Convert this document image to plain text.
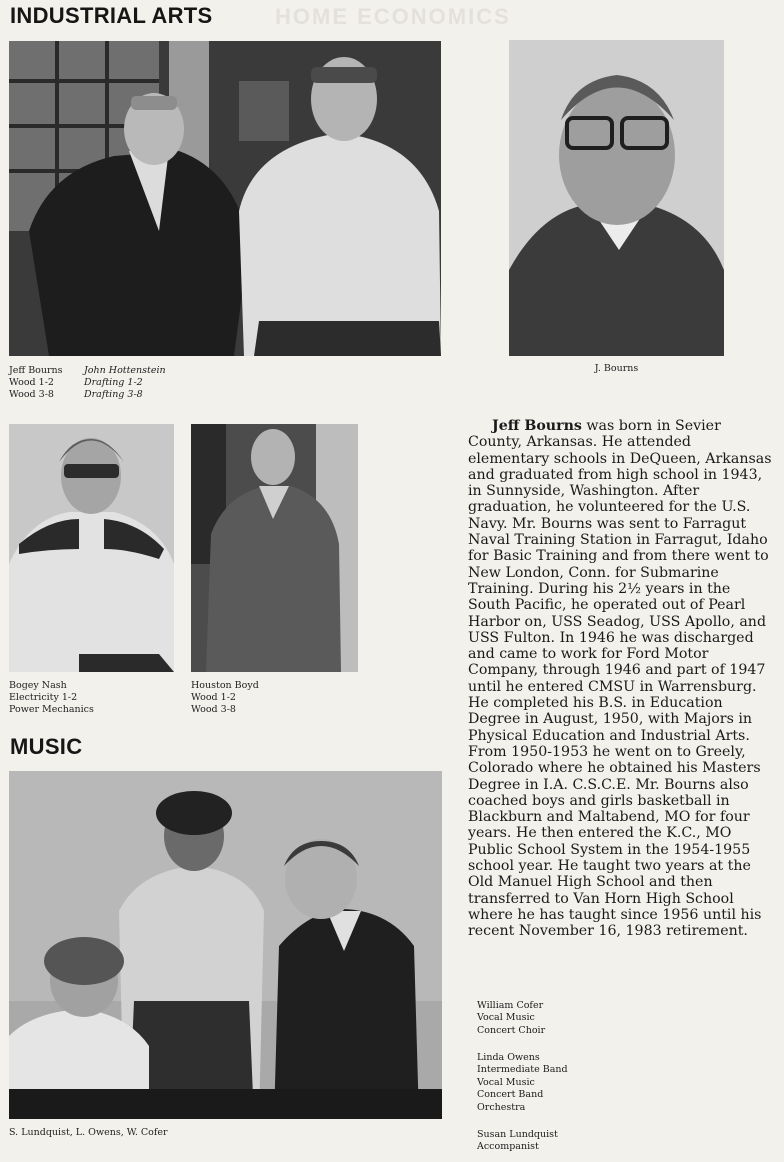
HOME ECONOMICS
INDUSTRIAL ARTS
Jeff Bourns
Wood 1-2
Wood 3-8
John Hottenstein
Drafting 1-2
Drafting 3-8
J. Bourns
Bogey Nash
Electricity 1-2
Power Mechanics
Houston Boyd
Wood 1-2
Wood 3-8
MUSIC
S. Lundquist, L. Owens, W. Cofer

Jeff Bourns was born in Sevier County, Arkansas. He attended elementary schools in DeQueen, Arkansas and graduated from high school in 1943, in Sunnyside, Washington. After graduation, he volunteered for the U.S. Navy. Mr. Bourns was sent to Farragut Naval Training Station in Farragut, Idaho for Basic Training and from there went to New London, Conn. for Submarine Training. During his 2½ years in the South Pacific, he operated out of Pearl Harbor on, USS Seadog, USS Apollo, and USS Fulton. In 1946 he was discharged and came to work for Ford Motor Company, through 1946 and part of 1947 until he entered CMSU in Warrensburg. He completed his B.S. in Education Degree in August, 1950, with Majors in Physical Education and Industrial Arts. From 1950-1953 he went on to Greely, Colorado where he obtained his Masters Degree in I.A. C.S.C.E. Mr. Bourns also coached boys and girls basketball in Blackburn and Maltabend, MO for four years. He then entered the K.C., MO Public School System in the 1954-1955 school year. He taught two years at the Old Manuel High School and then transferred to Van Horn High School where he has taught since 1956 until his recent November 16, 1983 retirement.

William Cofer
Vocal Music
Concert Choir
Linda Owens
Intermediate Band
Vocal Music
Concert Band
Orchestra
Susan Lundquist
Accompanist
